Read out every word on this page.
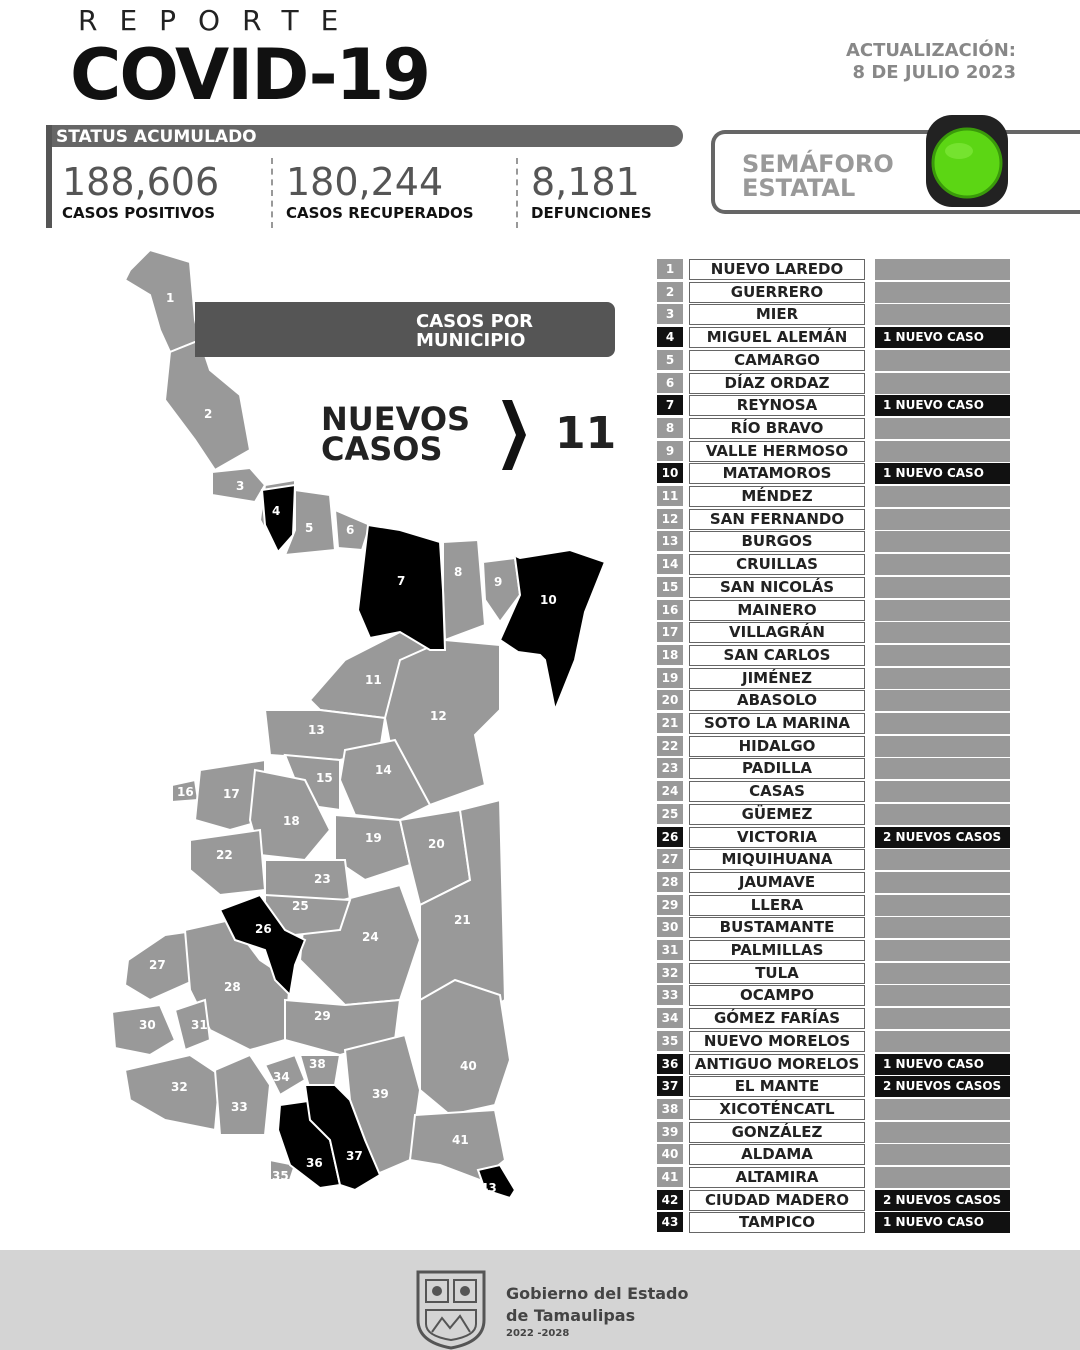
REPORTE
COVID-19	ACTUALIZACIÓN:
8 DE JULIO 2023
STATUS ACUMULADO
188,606
CASOS POSITIVOS
180,244
CASOS RECUPERADOS
8,181
DEFUNCIONES
SEMÁFORO
ESTATAL
1
2
3
4
5	6
7
8
9
10
11
12
13
14
15
16 17
18
19	20
21
22
23
24
25
26
27
28
29
30	31
32
33
34
35
36 37
38
39
40
41
42
43
CASOS POR
MUNICIPIO
NUEVOS
CASOS	11
1	NUEVO LAREDO
2	GUERRERO
3	MIER
4	MIGUEL ALEMÁN	1 NUEVO CASO
5	CAMARGO
6	DÍAZ ORDAZ
7	REYNOSA	1 NUEVO CASO
8	RÍO BRAVO
9	VALLE HERMOSO
10	MATAMOROS	1 NUEVO CASO
11	MÉNDEZ
12	SAN FERNANDO
13	BURGOS
14	CRUILLAS
15	SAN NICOLÁS
16	MAINERO
17	VILLAGRÁN
18	SAN CARLOS
19	JIMÉNEZ
20	ABASOLO
21	SOTO LA MARINA
22	HIDALGO
23	PADILLA
24	CASAS
25	GÜEMEZ
26	VICTORIA	2 NUEVOS CASOS
27	MIQUIHUANA
28	JAUMAVE
29	LLERA
30	BUSTAMANTE
31	PALMILLAS
32	TULA
33	OCAMPO
34	GÓMEZ FARÍAS
35	NUEVO MORELOS
36	ANTIGUO MORELOS	1 NUEVO CASO
37	EL MANTE	2 NUEVOS CASOS
38	XICOTÉNCATL
39	GONZÁLEZ
40	ALDAMA
41	ALTAMIRA
42	CIUDAD MADERO	2 NUEVOS CASOS
43	TAMPICO	1 NUEVO CASO
Gobierno del Estado
de Tamaulipas
2022 -2028
